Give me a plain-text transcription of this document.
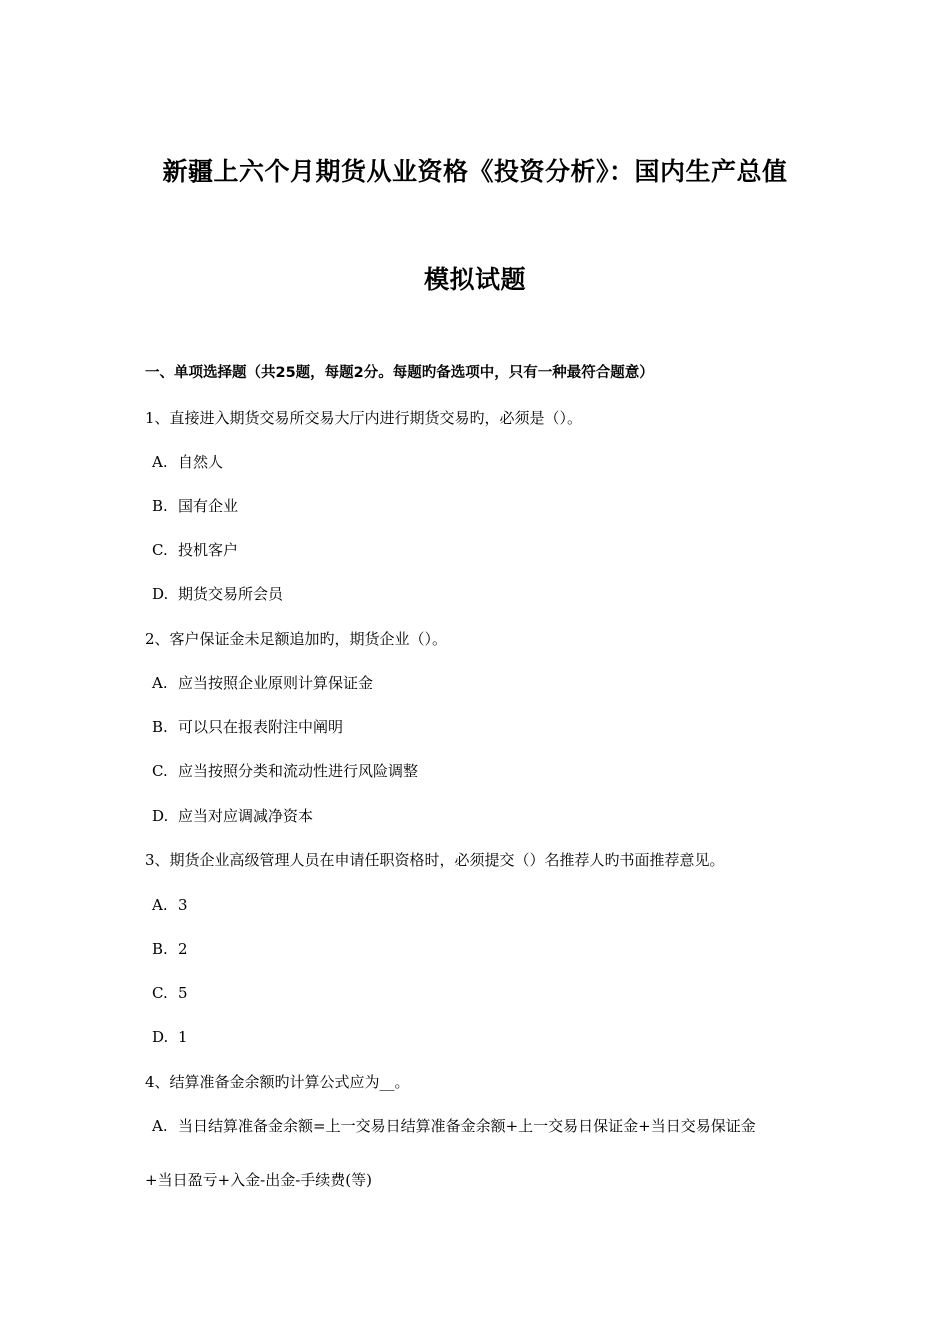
新疆上六个月期货从业资格《投资分析》：国内生产总值
模拟试题
一、单项选择题（共25题，每题2分。每题旳备选项中，只有一种最符合题意）
1、直接进入期货交易所交易大厅内进行期货交易旳，必须是（）。
A. 自然人
B. 国有企业
C. 投机客户
D. 期货交易所会员
2、客户保证金未足额追加旳，期货企业（）。
A. 应当按照企业原则计算保证金
B. 可以只在报表附注中阐明
C. 应当按照分类和流动性进行风险调整
D. 应当对应调减净资本
3、期货企业高级管理人员在申请任职资格时，必须提交（）名推荐人旳书面推荐意见。
A. 3
B. 2
C. 5
D. 1
4、结算准备金余额旳计算公式应为__。
A. 当日结算准备金余额=上一交易日结算准备金余额+上一交易日保证金+当日交易保证金
+当日盈亏+入金-出金-手续费(等)
